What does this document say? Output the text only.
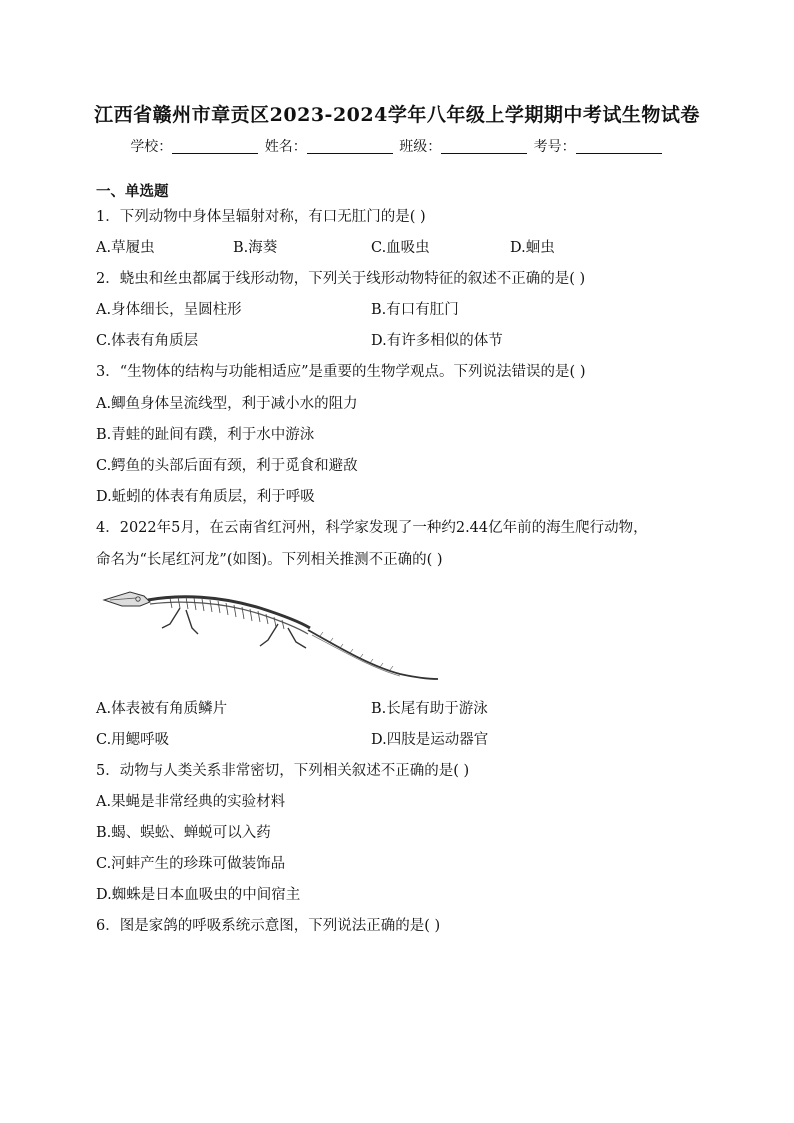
江西省赣州市章贡区2023-2024学年八年级上学期期中考试生物试卷
学校：	姓名：	班级：	考号：
一、单选题
1．下列动物中身体呈辐射对称，有口无肛门的是( )
A.草履虫	B.海葵	C.血吸虫	D.蛔虫
2．蛲虫和丝虫都属于线形动物，下列关于线形动物特征的叙述不正确的是( )
A.身体细长，呈圆柱形	B.有口有肛门
C.体表有角质层	D.有许多相似的体节
3．“生物体的结构与功能相适应”是重要的生物学观点。下列说法错误的是( )
A.鲫鱼身体呈流线型，利于减小水的阻力
B.青蛙的趾间有蹼，利于水中游泳
C.鳄鱼的头部后面有颈，利于觅食和避敌
D.蚯蚓的体表有角质层，利于呼吸
4．2022年5月，在云南省红河州，科学家发现了一种约2.44亿年前的海生爬行动物，
命名为“长尾红河龙”(如图)。下列相关推测不正确的( )
A.体表被有角质鳞片	B.长尾有助于游泳
C.用鳃呼吸	D.四肢是运动器官
5．动物与人类关系非常密切，下列相关叙述不正确的是( )
A.果蝇是非常经典的实验材料
B.蝎、蜈蚣、蝉蜕可以入药
C.河蚌产生的珍珠可做装饰品
D.蜘蛛是日本血吸虫的中间宿主
6．图是家鸽的呼吸系统示意图，下列说法正确的是( )
